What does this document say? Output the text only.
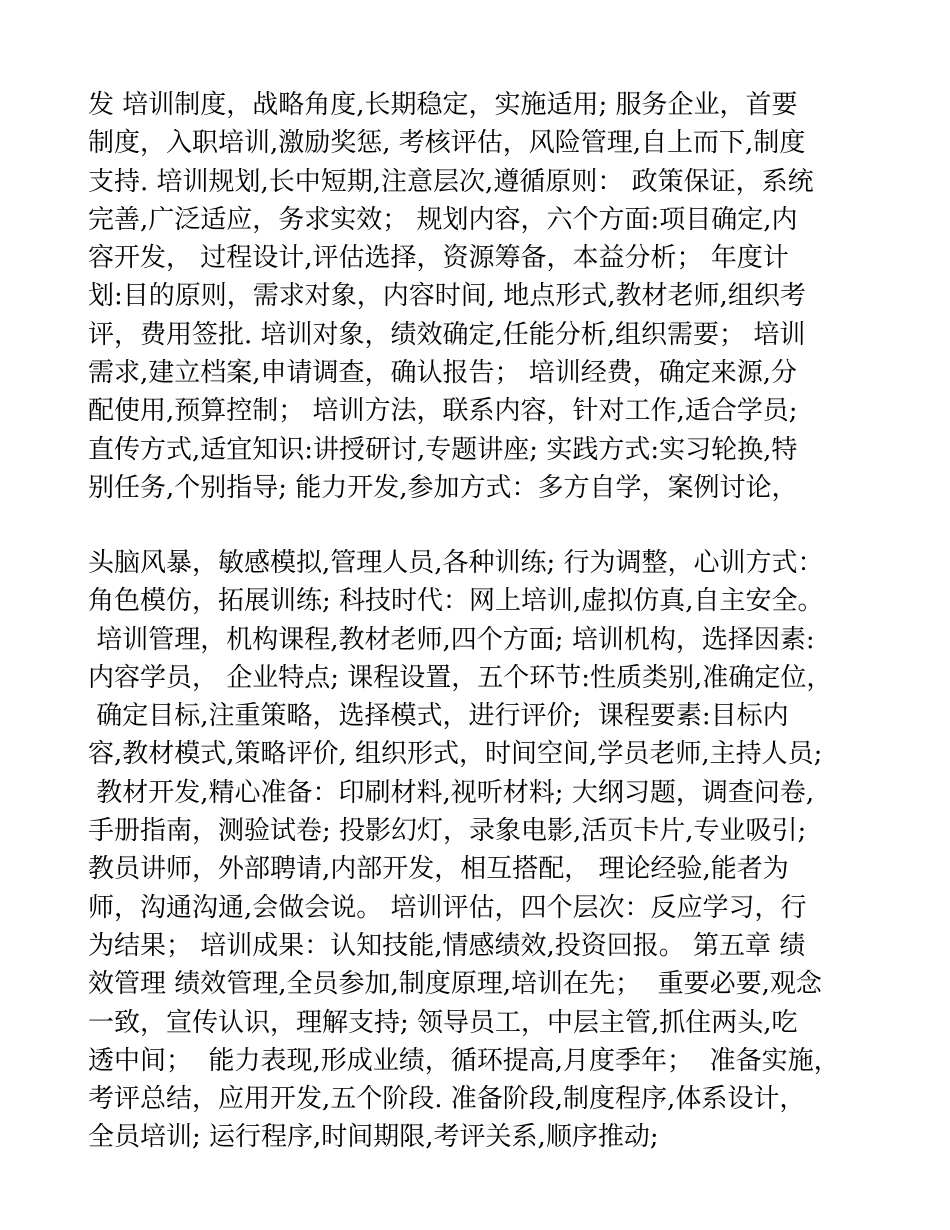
发 培训制度，战略角度,长期稳定，实施适用; 服务企业，首要
制度，入职培训,激励奖惩, 考核评估，风险管理,自上而下,制度
支持. 培训规划,长中短期,注意层次,遵循原则： 政策保证，系统
完善,广泛适应，务求实效； 规划内容，六个方面:项目确定,内
容开发， 过程设计,评估选择，资源筹备，本益分析； 年度计
划:目的原则，需求对象，内容时间, 地点形式,教材老师,组织考
评，费用签批. 培训对象，绩效确定,任能分析,组织需要； 培训
需求,建立档案,申请调查，确认报告； 培训经费，确定来源,分
配使用,预算控制； 培训方法，联系内容，针对工作,适合学员;
直传方式,适宜知识:讲授研讨,专题讲座; 实践方式:实习轮换,特
别任务,个别指导; 能力开发,参加方式：多方自学，案例讨论，

头脑风暴，敏感模拟,管理人员,各种训练; 行为调整，心训方式：
角色模仿，拓展训练; 科技时代：网上培训,虚拟仿真,自主安全。
培训管理，机构课程,教材老师,四个方面; 培训机构，选择因素:
内容学员， 企业特点; 课程设置，五个环节:性质类别,准确定位，
确定目标,注重策略，选择模式，进行评价;  课程要素:目标内
容,教材模式,策略评价, 组织形式，时间空间,学员老师,主持人员;
教材开发,精心准备：印刷材料,视听材料; 大纲习题，调查问卷,
手册指南，测验试卷; 投影幻灯，录象电影,活页卡片,专业吸引;
教员讲师，外部聘请,内部开发，相互搭配， 理论经验,能者为
师，沟通沟通,会做会说。 培训评估，四个层次：反应学习，行
为结果； 培训成果：认知技能,情感绩效,投资回报。 第五章 绩
效管理 绩效管理,全员参加,制度原理,培训在先；  重要必要,观念
一致，宣传认识，理解支持; 领导员工，中层主管,抓住两头,吃
透中间；  能力表现,形成业绩，循环提高,月度季年；  准备实施，
考评总结，应用开发,五个阶段. 准备阶段,制度程序,体系设计，
全员培训; 运行程序,时间期限,考评关系,顺序推动;
